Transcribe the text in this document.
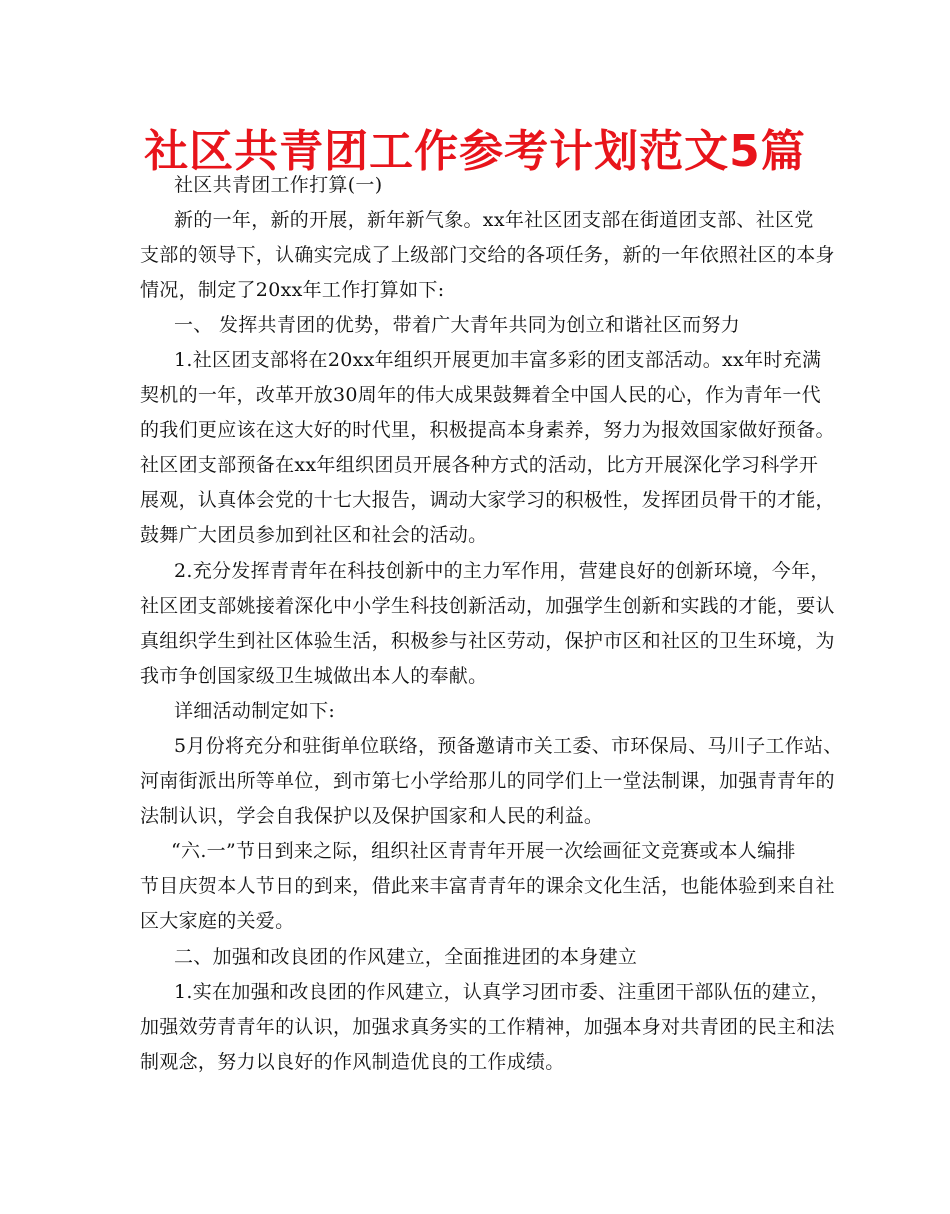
社区共青团工作参考计划范文5篇
社区共青团工作打算(一)
新的一年，新的开展，新年新气象。xx年社区团支部在街道团支部、社区党
支部的领导下，认确实完成了上级部门交给的各项任务，新的一年依照社区的本身
情况，制定了20xx年工作打算如下:
一、 发挥共青团的优势，带着广大青年共同为创立和谐社区而努力
1.社区团支部将在20xx年组织开展更加丰富多彩的团支部活动。xx年时充满
契机的一年，改革开放30周年的伟大成果鼓舞着全中国人民的心，作为青年一代
的我们更应该在这大好的时代里，积极提高本身素养，努力为报效国家做好预备。
社区团支部预备在xx年组织团员开展各种方式的活动，比方开展深化学习科学开
展观，认真体会党的十七大报告，调动大家学习的积极性，发挥团员骨干的才能，
鼓舞广大团员参加到社区和社会的活动。
2.充分发挥青青年在科技创新中的主力军作用，营建良好的创新环境，今年，
社区团支部姚接着深化中小学生科技创新活动，加强学生创新和实践的才能，要认
真组织学生到社区体验生活，积极参与社区劳动，保护市区和社区的卫生环境，为
我市争创国家级卫生城做出本人的奉献。
详细活动制定如下:
5月份将充分和驻街单位联络，预备邀请市关工委、市环保局、马川子工作站、
河南街派出所等单位，到市第七小学给那儿的同学们上一堂法制课，加强青青年的
法制认识，学会自我保护以及保护国家和人民的利益。
“六.一”节日到来之际，组织社区青青年开展一次绘画征文竞赛或本人编排
节目庆贺本人节日的到来，借此来丰富青青年的课余文化生活，也能体验到来自社
区大家庭的关爱。
二、加强和改良团的作风建立，全面推进团的本身建立
1.实在加强和改良团的作风建立，认真学习团市委、注重团干部队伍的建立，
加强效劳青青年的认识，加强求真务实的工作精神，加强本身对共青团的民主和法
制观念，努力以良好的作风制造优良的工作成绩。
